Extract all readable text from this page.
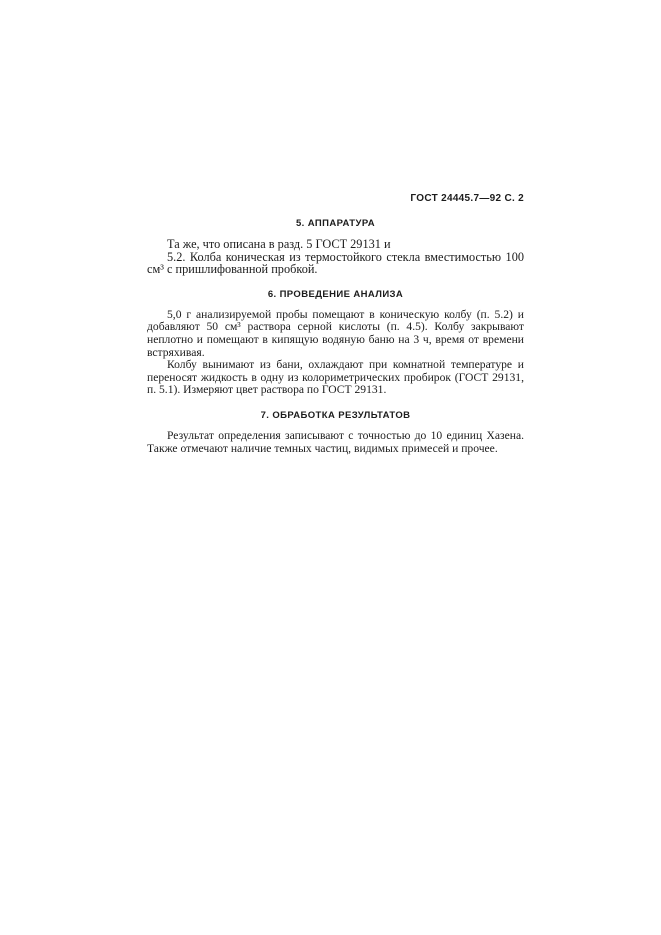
ГОСТ 24445.7—92 С. 2
5. АППАРАТУРА

Та же, что описана в разд. 5 ГОСТ 29131 и

5.2. Колба коническая из термостойкого стекла вместимостью 100 см³ с пришлифованной пробкой.

6. ПРОВЕДЕНИЕ АНАЛИЗА

5,0 г анализируемой пробы помещают в коническую колбу (п. 5.2) и добавляют 50 см³ раствора серной кислоты (п. 4.5). Колбу закрывают неплотно и помещают в кипящую водяную баню на 3 ч, время от времени встряхивая.

Колбу вынимают из бани, охлаждают при комнатной температуре и переносят жидкость в одну из колориметрических пробирок (ГОСТ 29131, п. 5.1). Измеряют цвет раствора по ГОСТ 29131.

7. ОБРАБОТКА РЕЗУЛЬТАТОВ

Результат определения записывают с точностью до 10 единиц Хазена. Также отмечают наличие темных частиц, видимых примесей и прочее.
